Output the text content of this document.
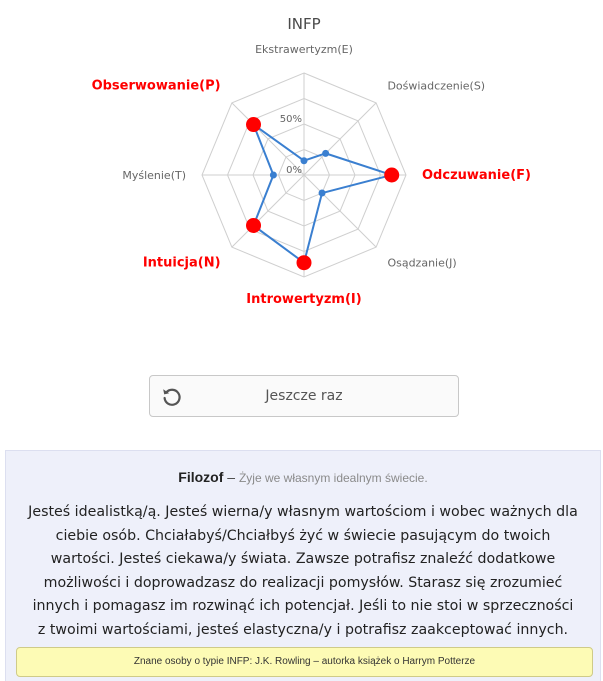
INFP
0%
50%
Ekstrawertyzm(E)
Doświadczenie(S)
Odczuwanie(F)
Osądzanie(J)
Introwertyzm(I)
Intuicja(N)
Myślenie(T)
Obserwowanie(P)
Jeszcze raz
Filozof – Żyje we własnym idealnym świecie.
Jesteś idealistką/ą. Jesteś wierna/y własnym wartościom i wobec ważnych dla ciebie osób. Chciałabyś/Chciałbyś żyć w świecie pasującym do twoich wartości. Jesteś ciekawa/y świata. Zawsze potrafisz znaleźć dodatkowe możliwości i doprowadzasz do realizacji pomysłów. Starasz się zrozumieć innych i pomagasz im rozwinąć ich potencjał. Jeśli to nie stoi w sprzeczności z twoimi wartościami, jesteś elastyczna/y i potrafisz zaakceptować innych.
Znane osoby o typie INFP: J.K. Rowling – autorka książek o Harrym Potterze
